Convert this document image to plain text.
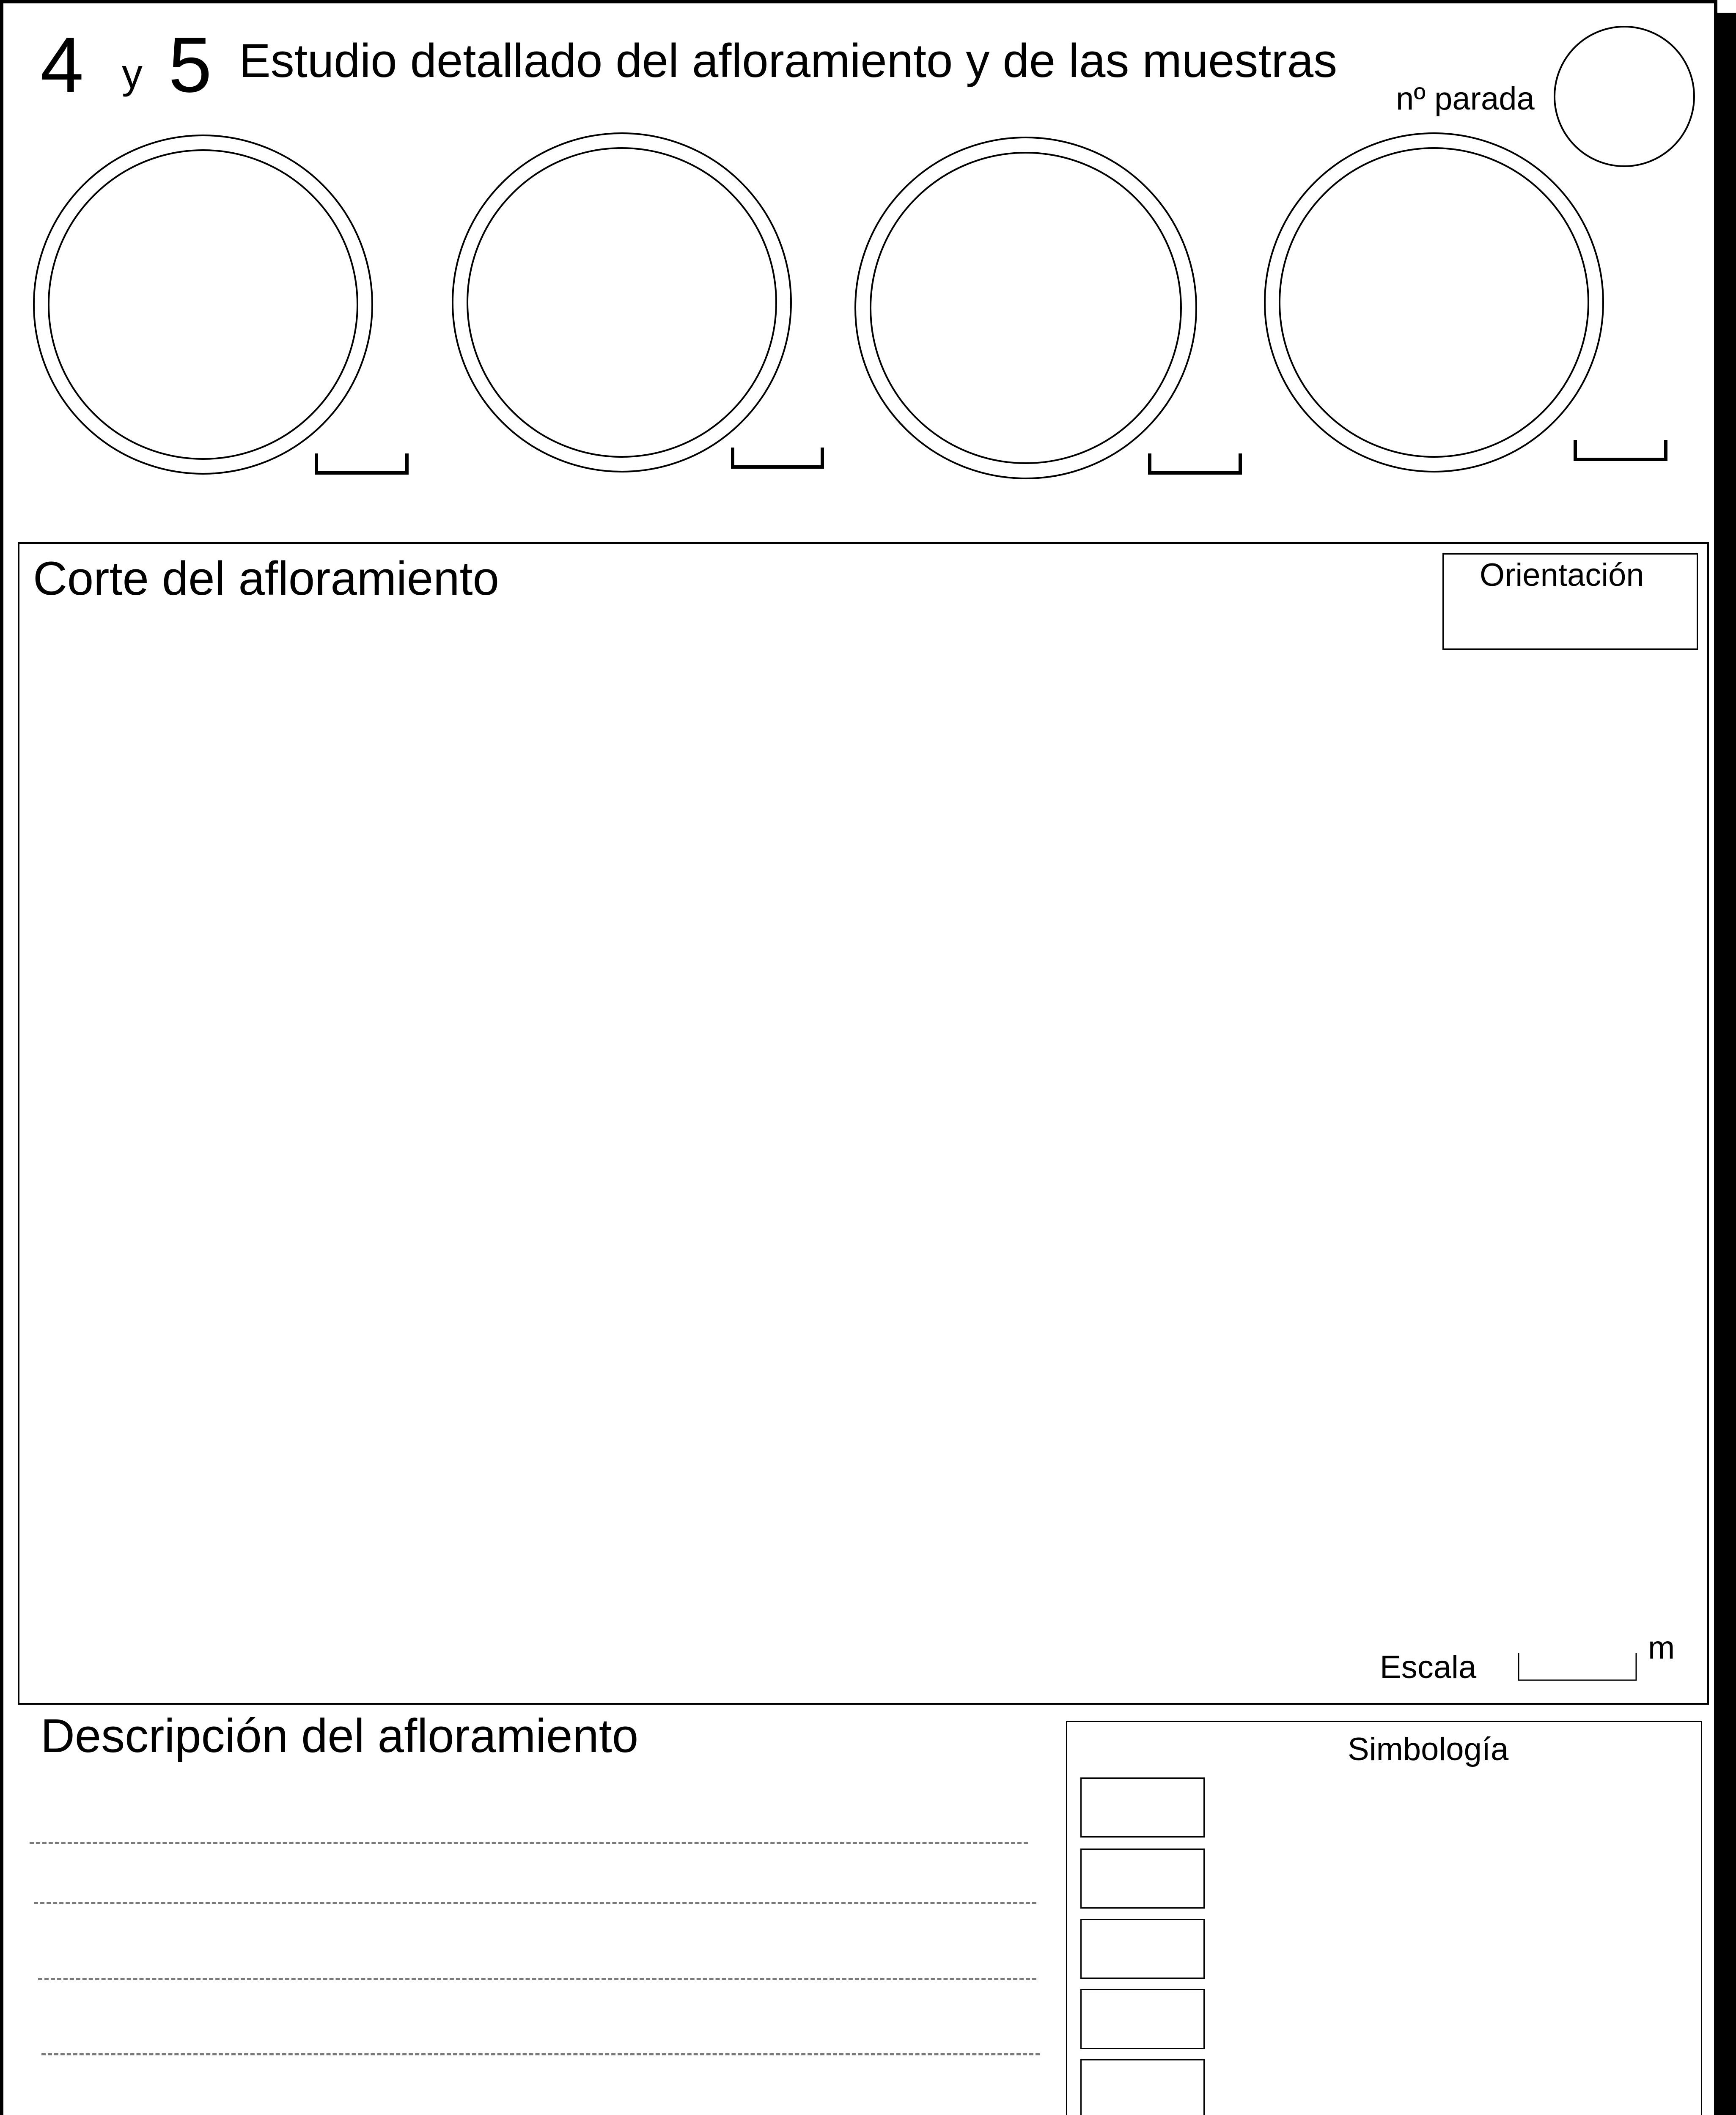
4 y 5 Estudio detallado del afloramiento y de las muestras
nº parada
Corte del afloramiento	Orientación
Escala
m
Descripción del afloramiento	Simbología
